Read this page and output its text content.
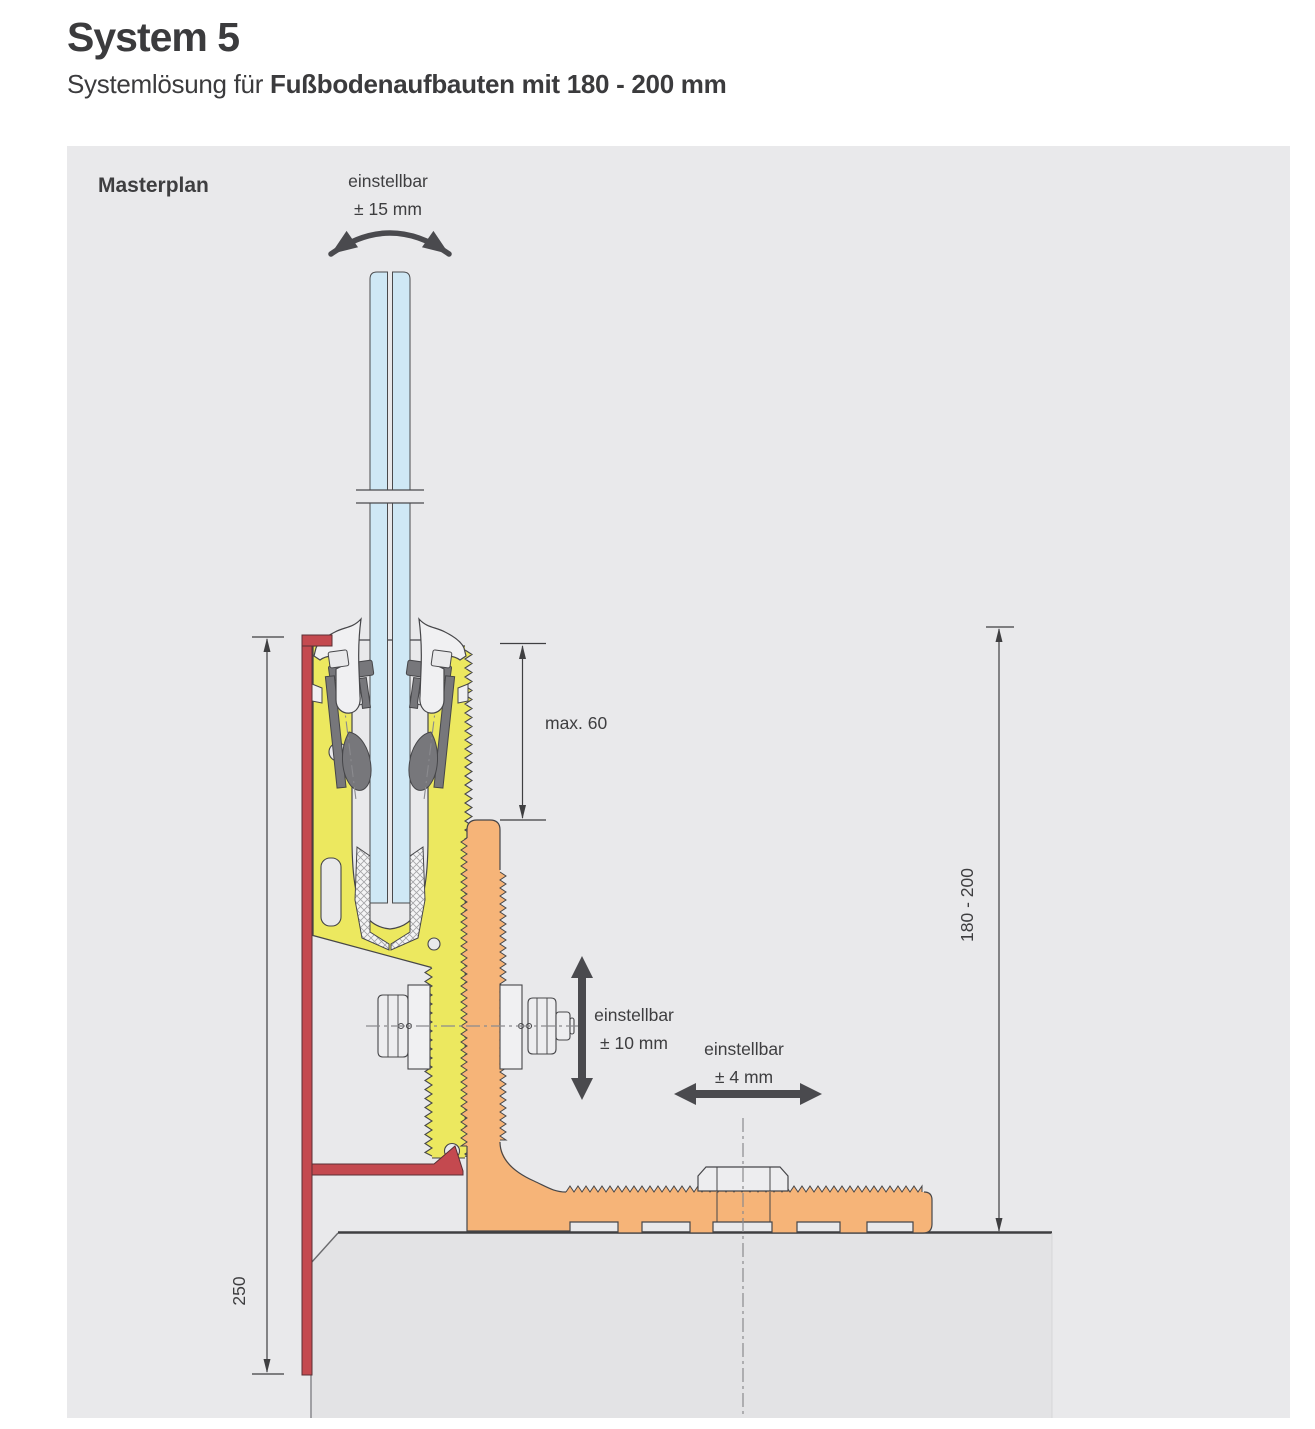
System 5

Systemlösung für Fußbodenaufbauten mit 180 - 200 mm

Masterplan	einstellbar
± 15 mm
max. 60
einstellbar
± 10 mm	einstellbar
± 4 mm
250
180 - 200
